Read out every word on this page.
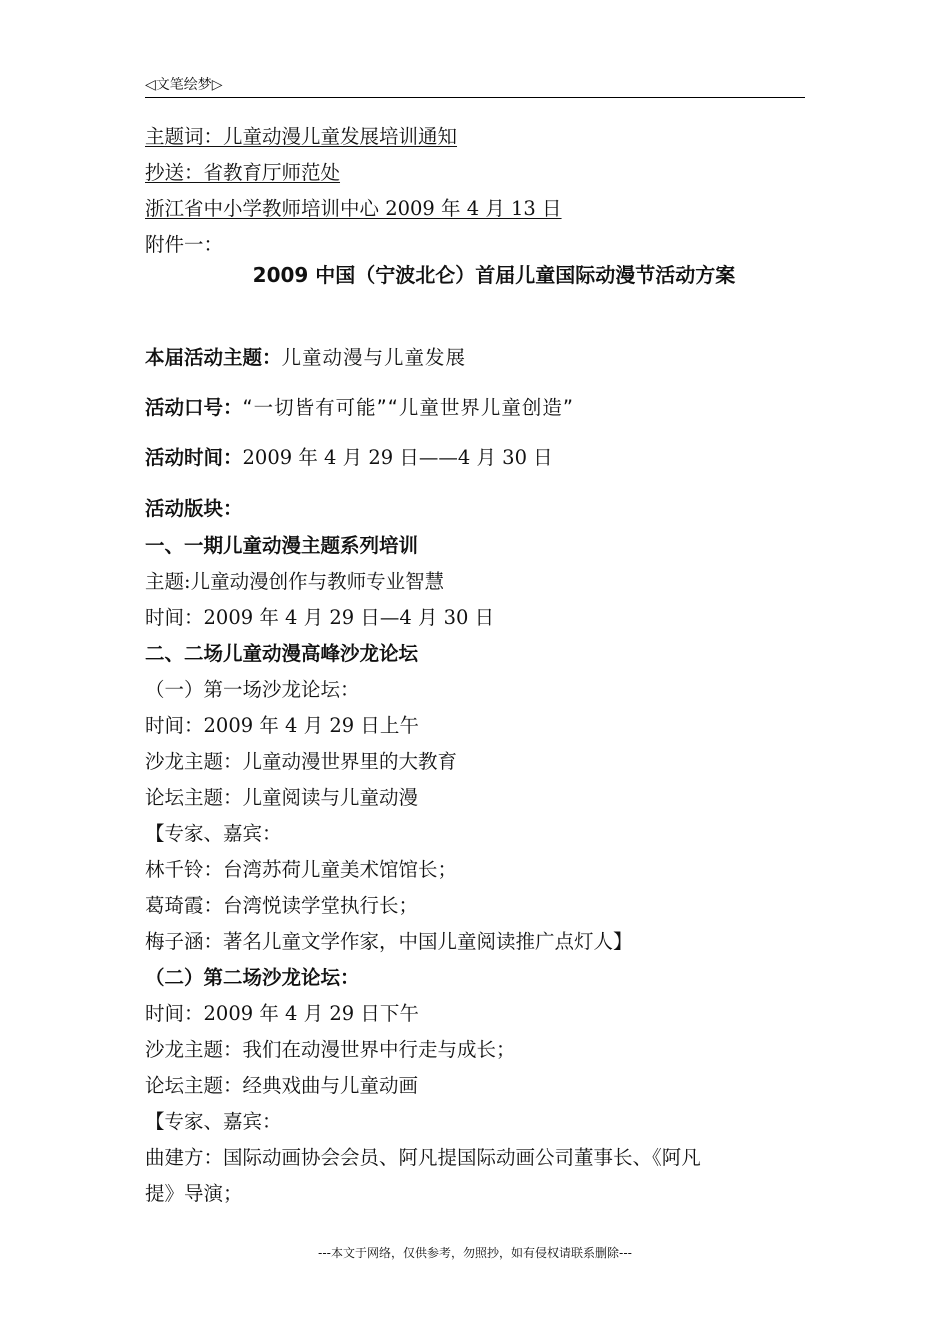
◁文笔绘梦▷
主题词：儿童动漫儿童发展培训通知
抄送：省教育厅师范处
浙江省中小学教师培训中心 2009 年 4 月 13 日
附件一：
2009 中国（宁波北仑）首届儿童国际动漫节活动方案
本届活动主题：儿童动漫与儿童发展
活动口号：“一切皆有可能”“儿童世界儿童创造”
活动时间：2009 年 4 月 29 日——4 月 30 日
活动版块：
一、一期儿童动漫主题系列培训
主题:儿童动漫创作与教师专业智慧
时间：2009 年 4 月 29 日—4 月 30 日
二、二场儿童动漫高峰沙龙论坛
（一）第一场沙龙论坛：
时间：2009 年 4 月 29 日上午
沙龙主题：儿童动漫世界里的大教育
论坛主题：儿童阅读与儿童动漫
【专家、嘉宾：
林千铃：台湾苏荷儿童美术馆馆长；
葛琦霞：台湾悦读学堂执行长；
梅子涵：著名儿童文学作家，中国儿童阅读推广点灯人】
（二）第二场沙龙论坛：
时间：2009 年 4 月 29 日下午
沙龙主题：我们在动漫世界中行走与成长；
论坛主题：经典戏曲与儿童动画
【专家、嘉宾：
曲建方：国际动画协会会员、阿凡提国际动画公司董事长、《阿凡
提》导演；
---本文于网络，仅供参考，勿照抄，如有侵权请联系删除---
